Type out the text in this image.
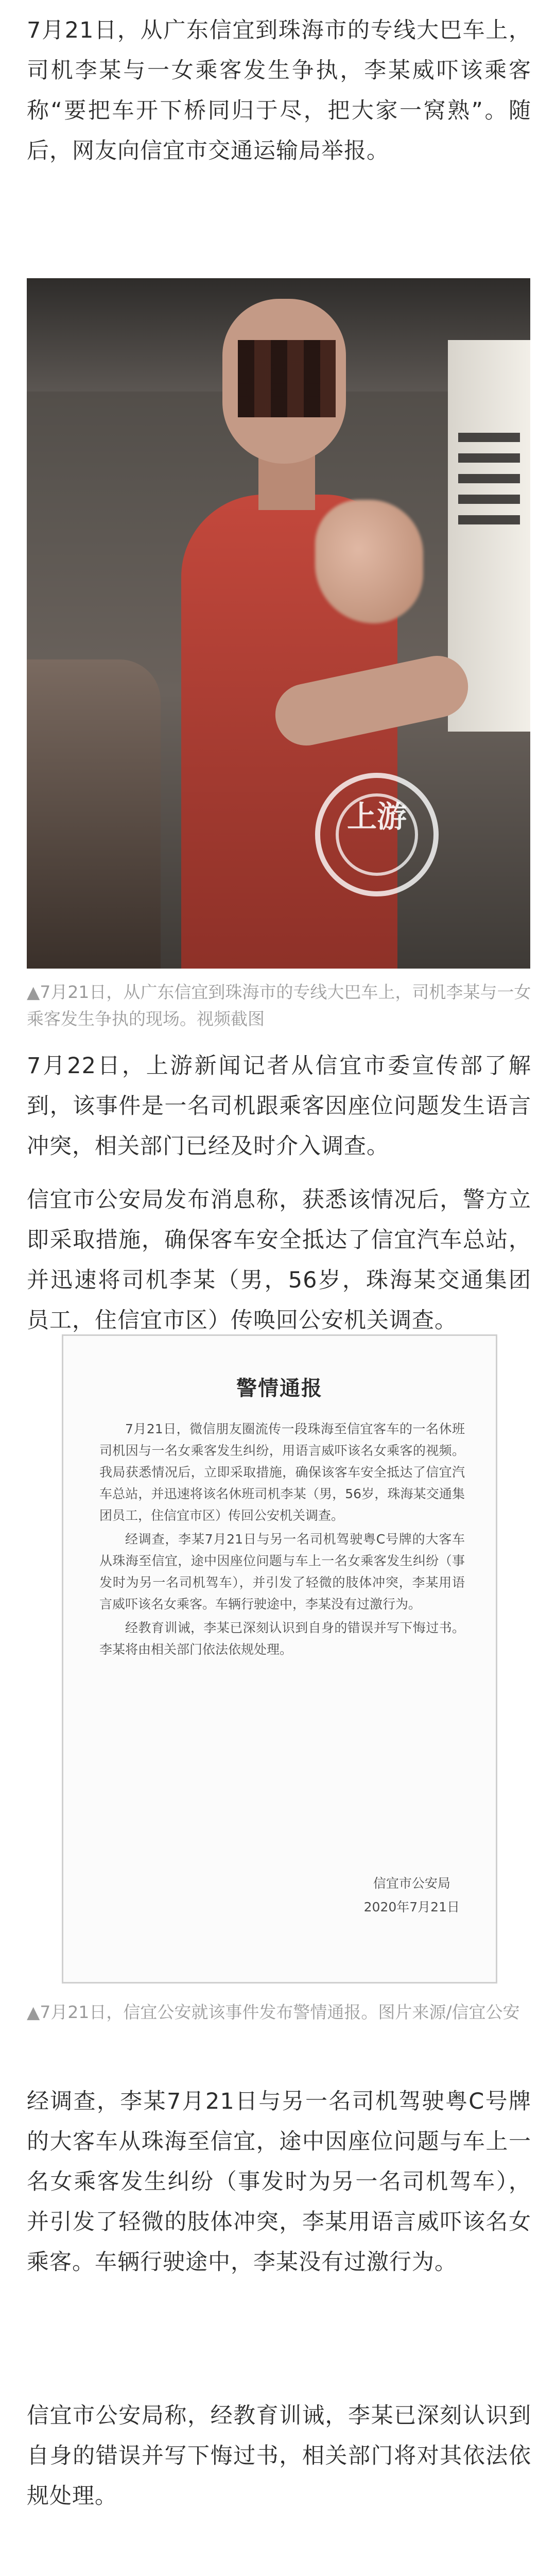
7月21日，从广东信宜到珠海市的专线大巴车上，司机李某与一女乘客发生争执，李某威吓该乘客称“要把车开下桥同归于尽，把大家一窝熟”。随后，网友向信宜市交通运输局举报。

上游

▲7月21日，从广东信宜到珠海市的专线大巴车上，司机李某与一女乘客发生争执的现场。视频截图

7月22日，上游新闻记者从信宜市委宣传部了解到，该事件是一名司机跟乘客因座位问题发生语言冲突，相关部门已经及时介入调查。

信宜市公安局发布消息称，获悉该情况后，警方立即采取措施，确保客车安全抵达了信宜汽车总站，并迅速将司机李某（男，56岁，珠海某交通集团员工，住信宜市区）传唤回公安机关调查。

警情通报

7月21日，微信朋友圈流传一段珠海至信宜客车的一名休班司机因与一名女乘客发生纠纷，用语言威吓该名女乘客的视频。我局获悉情况后，立即采取措施，确保该客车安全抵达了信宜汽车总站，并迅速将该名休班司机李某（男，56岁，珠海某交通集团员工，住信宜市区）传回公安机关调查。

经调查，李某7月21日与另一名司机驾驶粤C号牌的大客车从珠海至信宜，途中因座位问题与车上一名女乘客发生纠纷（事发时为另一名司机驾车），并引发了轻微的肢体冲突，李某用语言威吓该名女乘客。车辆行驶途中，李某没有过激行为。

经教育训诫，李某已深刻认识到自身的错误并写下悔过书。李某将由相关部门依法依规处理。

信宜市公安局
2020年7月21日

▲7月21日，信宜公安就该事件发布警情通报。图片来源/信宜公安

经调查，李某7月21日与另一名司机驾驶粤C号牌的大客车从珠海至信宜，途中因座位问题与车上一名女乘客发生纠纷（事发时为另一名司机驾车），并引发了轻微的肢体冲突，李某用语言威吓该名女乘客。车辆行驶途中，李某没有过激行为。

信宜市公安局称，经教育训诫，李某已深刻认识到自身的错误并写下悔过书，相关部门将对其依法依规处理。
